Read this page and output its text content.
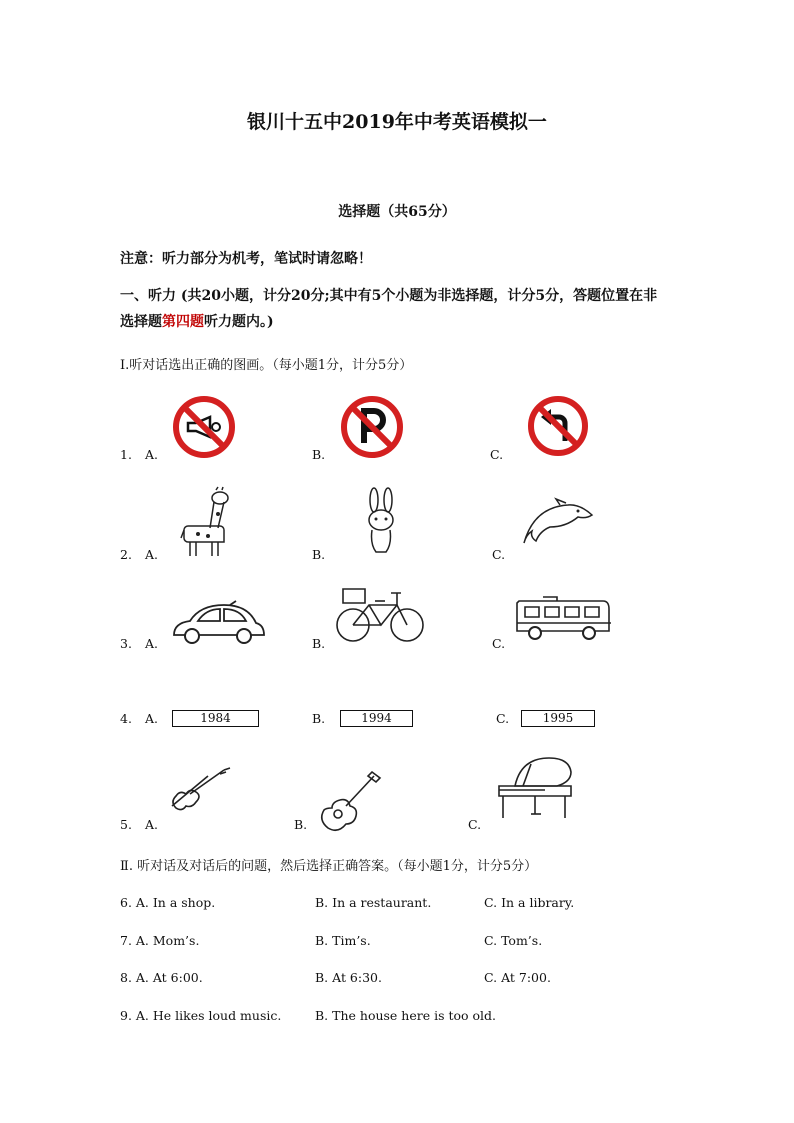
银川十五中2019年中考英语模拟一
选择题（共65分）
注意：听力部分为机考，笔试时请忽略！
一、听力 (共20小题，计分20分;其中有5个小题为非选择题，计分5分，答题位置在非
选择题第四题听力题内。)
Ⅰ.听对话选出正确的图画。（每小题1分，计分5分）
1. A.	B.	C.
2. A.	B.	C.
3. A.	B.	C.
4. A.	1984	B.	1994	C.	1995
5. A.	B.	C.
Ⅱ. 听对话及对话后的问题，然后选择正确答案。（每小题1分，计分5分）
6. A. In a shop.	B. In a restaurant.	C. In a library.
7. A. Mom’s.	B. Tim’s.	C. Tom’s.
8. A. At 6:00.	B. At 6:30.	C. At 7:00.
9. A. He likes loud music.	B. The house here is too old.
